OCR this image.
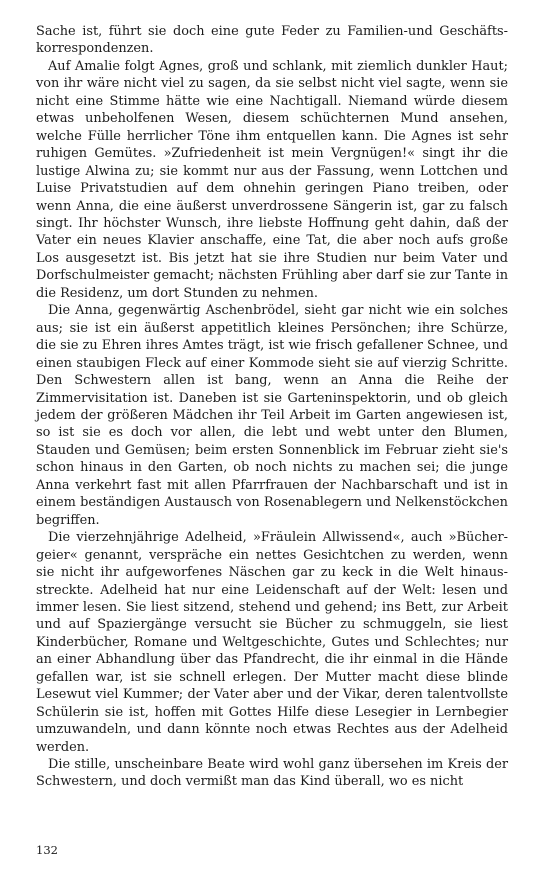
Sache ist, führt sie doch eine gute Feder zu Familien-und Geschäftskorrespondenzen.

Auf Amalie folgt Agnes, groß und schlank, mit ziemlich dunkler Haut; von ihr wäre nicht viel zu sagen, da sie selbst nicht viel sagte, wenn sie nicht eine Stimme hätte wie eine Nachtigall. Niemand würde diesem etwas unbeholfenen Wesen, diesem schüchternen Mund ansehen, welche Fülle herrlicher Töne ihm entquellen kann. Die Agnes ist sehr ruhigen Gemütes. »Zufriedenheit ist mein Vergnügen!« singt ihr die lustige Alwina zu; sie kommt nur aus der Fassung, wenn Lottchen und Luise Privatstudien auf dem ohnehin geringen Piano treiben, oder wenn Anna, die eine äußerst unverdrossene Sängerin ist, gar zu falsch singt. Ihr höchster Wunsch, ihre liebste Hoffnung geht dahin, daß der Vater ein neues Klavier anschaffe, eine Tat, die aber noch aufs große Los ausgesetzt ist. Bis jetzt hat sie ihre Studien nur beim Vater und Dorfschulmeister gemacht; nächsten Frühling aber darf sie zur Tante in die Residenz, um dort Stunden zu nehmen.

Die Anna, gegenwärtig Aschenbrödel, sieht gar nicht wie ein solches aus; sie ist ein äußerst appetitlich kleines Persönchen; ihre Schürze, die sie zu Ehren ihres Amtes trägt, ist wie frisch gefallener Schnee, und einen staubigen Fleck auf einer Kommode sieht sie auf vierzig Schritte. Den Schwestern allen ist bang, wenn an Anna die Reihe der Zimmervisitation ist. Daneben ist sie Garteninspektorin, und ob gleich jedem der größeren Mädchen ihr Teil Arbeit im Garten angewiesen ist, so ist sie es doch vor allen, die lebt und webt unter den Blumen, Stauden und Gemüsen; beim ersten Sonnenblick im Februar zieht sie's schon hinaus in den Garten, ob noch nichts zu machen sei; die junge Anna verkehrt fast mit allen Pfarrfrauen der Nachbarschaft und ist in einem beständigen Austausch von Rosenablegern und Nelkenstöckchen begriffen.

Die vierzehnjährige Adelheid, »Fräulein Allwissend«, auch »Büchergeier« genannt, verspräche ein nettes Gesichtchen zu werden, wenn sie nicht ihr aufgeworfenes Näschen gar zu keck in die Welt hinausstreckte. Adelheid hat nur eine Leidenschaft auf der Welt: lesen und immer lesen. Sie liest sitzend, stehend und gehend; ins Bett, zur Arbeit und auf Spaziergänge versucht sie Bücher zu schmuggeln, sie liest Kinderbücher, Romane und Weltgeschichte, Gutes und Schlechtes; nur an einer Abhandlung über das Pfandrecht, die ihr einmal in die Hände gefallen war, ist sie schnell erlegen. Der Mutter macht diese blinde Lesewut viel Kummer; der Vater aber und der Vikar, deren talentvollste Schülerin sie ist, hoffen mit Gottes Hilfe diese Lesegier in Lernbegier umzuwandeln, und dann könnte noch etwas Rechtes aus der Adelheid werden.

Die stille, unscheinbare Beate wird wohl ganz übersehen im Kreis der Schwestern, und doch vermißt man das Kind überall, wo es nicht

132
